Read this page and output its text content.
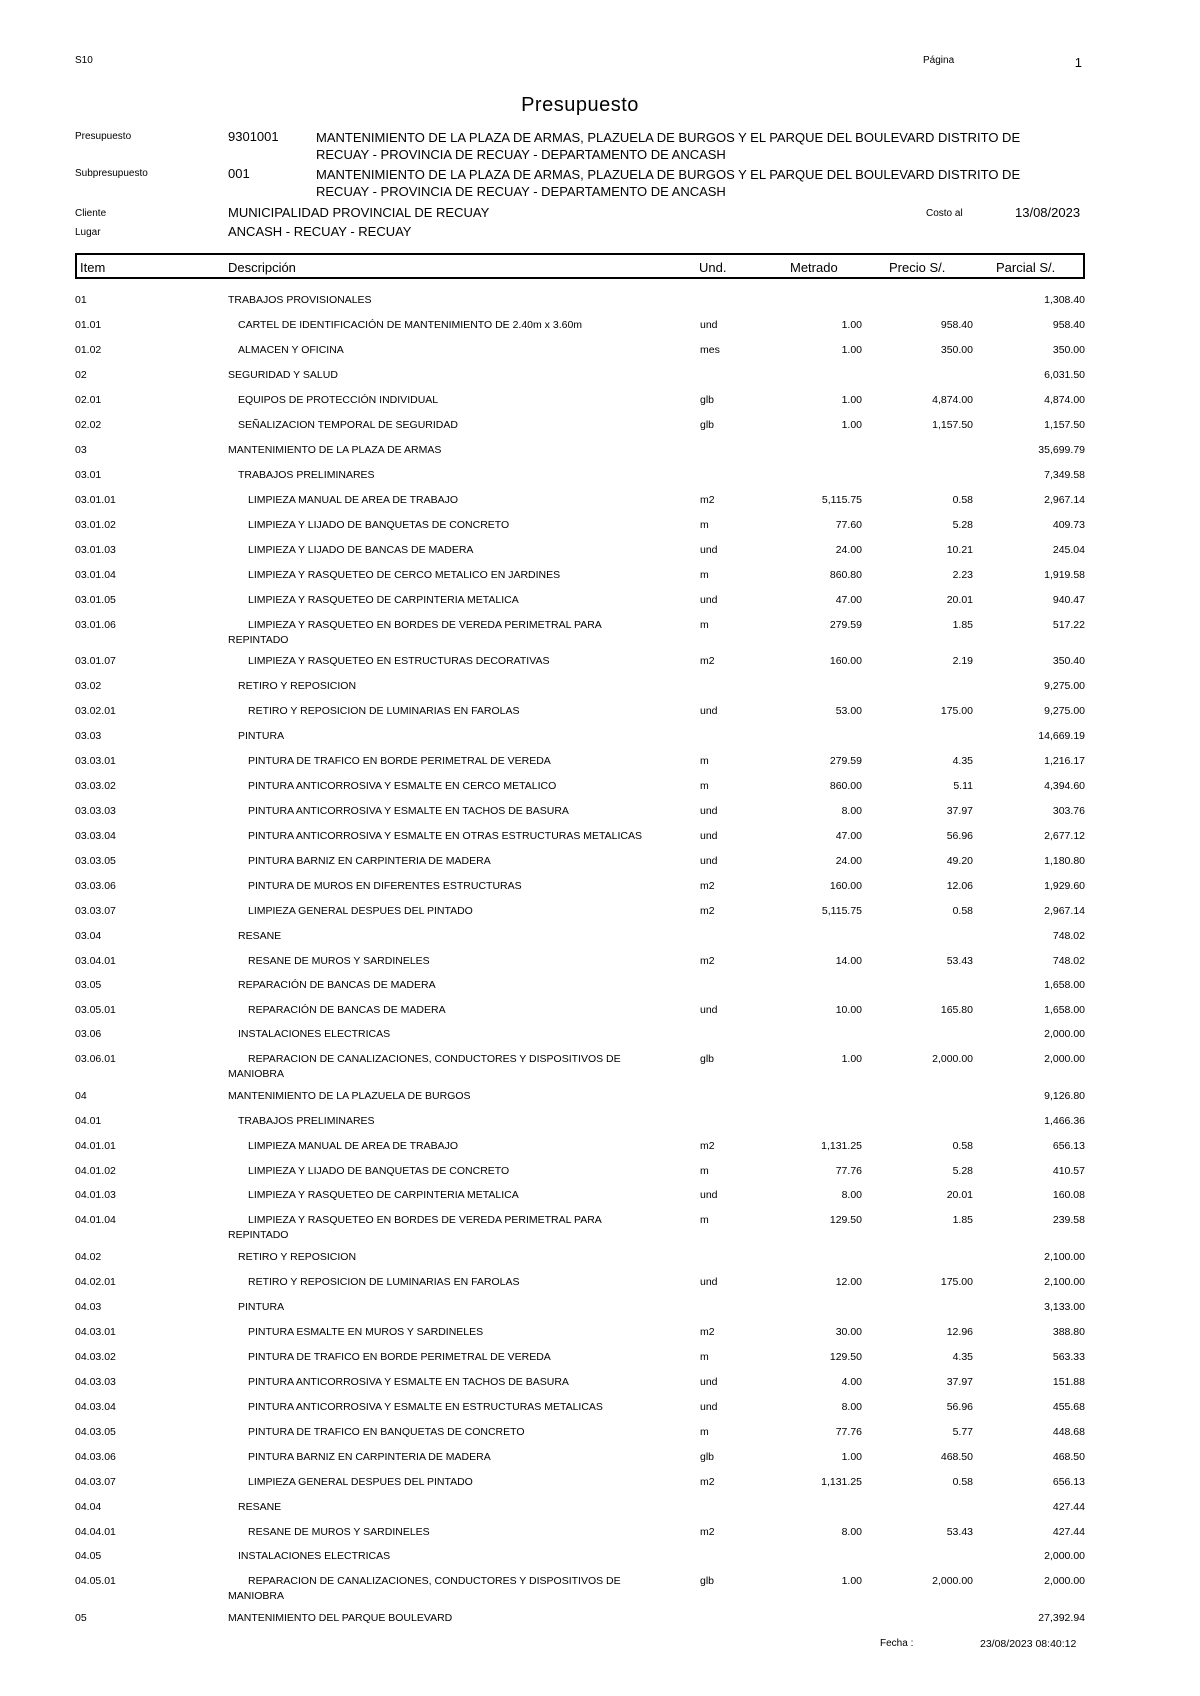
S10	Página	1
Presupuesto
Presupuesto	9301001	MANTENIMIENTO DE LA PLAZA DE ARMAS, PLAZUELA DE BURGOS Y EL PARQUE DEL BOULEVARD DISTRITO DE RECUAY - PROVINCIA DE RECUAY - DEPARTAMENTO DE ANCASH
Subpresupuesto	001	MANTENIMIENTO DE LA PLAZA DE ARMAS, PLAZUELA DE BURGOS Y EL PARQUE DEL BOULEVARD DISTRITO DE RECUAY - PROVINCIA DE RECUAY - DEPARTAMENTO DE ANCASH
Cliente	MUNICIPALIDAD PROVINCIAL DE RECUAY	Costo al	13/08/2023
Lugar	ANCASH - RECUAY - RECUAY
Item	Descripción	Und.	Metrado	Precio S/.	Parcial S/.
01	TRABAJOS PROVISIONALES	1,308.40
01.01	CARTEL DE IDENTIFICACIÓN DE MANTENIMIENTO DE 2.40m x 3.60m	und	1.00	958.40	958.40
01.02	ALMACEN Y OFICINA	mes	1.00	350.00	350.00
02	SEGURIDAD Y SALUD	6,031.50
02.01	EQUIPOS DE PROTECCIÓN INDIVIDUAL	glb	1.00	4,874.00	4,874.00
02.02	SEÑALIZACION TEMPORAL DE SEGURIDAD	glb	1.00	1,157.50	1,157.50
03	MANTENIMIENTO DE LA PLAZA DE ARMAS	35,699.79
03.01	TRABAJOS PRELIMINARES	7,349.58
03.01.01	LIMPIEZA MANUAL DE AREA DE TRABAJO	m2	5,115.75	0.58	2,967.14
03.01.02	LIMPIEZA Y LIJADO DE BANQUETAS DE CONCRETO	m	77.60	5.28	409.73
03.01.03	LIMPIEZA Y LIJADO DE BANCAS DE MADERA	und	24.00	10.21	245.04
03.01.04	LIMPIEZA Y RASQUETEO DE CERCO METALICO EN JARDINES	m	860.80	2.23	1,919.58
03.01.05	LIMPIEZA Y RASQUETEO DE CARPINTERIA METALICA	und	47.00	20.01	940.47
03.01.06	LIMPIEZA Y RASQUETEO EN BORDES DE VEREDA PERIMETRAL PARA	m	279.59	1.85	517.22
REPINTADO
03.01.07	LIMPIEZA Y RASQUETEO EN ESTRUCTURAS DECORATIVAS	m2	160.00	2.19	350.40
03.02	RETIRO Y REPOSICION	9,275.00
03.02.01	RETIRO Y REPOSICION DE LUMINARIAS EN FAROLAS	und	53.00	175.00	9,275.00
03.03	PINTURA	14,669.19
03.03.01	PINTURA DE TRAFICO EN BORDE PERIMETRAL DE VEREDA	m	279.59	4.35	1,216.17
03.03.02	PINTURA ANTICORROSIVA Y ESMALTE EN CERCO METALICO	m	860.00	5.11	4,394.60
03.03.03	PINTURA ANTICORROSIVA Y ESMALTE EN TACHOS DE BASURA	und	8.00	37.97	303.76
03.03.04	PINTURA ANTICORROSIVA Y ESMALTE EN OTRAS ESTRUCTURAS METALICAS	und	47.00	56.96	2,677.12
03.03.05	PINTURA BARNIZ EN CARPINTERIA DE MADERA	und	24.00	49.20	1,180.80
03.03.06	PINTURA DE MUROS EN DIFERENTES ESTRUCTURAS	m2	160.00	12.06	1,929.60
03.03.07	LIMPIEZA GENERAL DESPUES DEL PINTADO	m2	5,115.75	0.58	2,967.14
03.04	RESANE	748.02
03.04.01	RESANE DE MUROS Y SARDINELES	m2	14.00	53.43	748.02
03.05	REPARACIÓN DE BANCAS DE MADERA	1,658.00
03.05.01	REPARACIÓN DE BANCAS DE MADERA	und	10.00	165.80	1,658.00
03.06	INSTALACIONES ELECTRICAS	2,000.00
03.06.01	REPARACION DE CANALIZACIONES, CONDUCTORES Y DISPOSITIVOS DE	glb	1.00	2,000.00	2,000.00
MANIOBRA
04	MANTENIMIENTO DE LA PLAZUELA DE BURGOS	9,126.80
04.01	TRABAJOS PRELIMINARES	1,466.36
04.01.01	LIMPIEZA MANUAL DE AREA DE TRABAJO	m2	1,131.25	0.58	656.13
04.01.02	LIMPIEZA Y LIJADO DE BANQUETAS DE CONCRETO	m	77.76	5.28	410.57
04.01.03	LIMPIEZA Y RASQUETEO DE CARPINTERIA METALICA	und	8.00	20.01	160.08
04.01.04	LIMPIEZA Y RASQUETEO EN BORDES DE VEREDA PERIMETRAL PARA	m	129.50	1.85	239.58
REPINTADO
04.02	RETIRO Y REPOSICION	2,100.00
04.02.01	RETIRO Y REPOSICION DE LUMINARIAS EN FAROLAS	und	12.00	175.00	2,100.00
04.03	PINTURA	3,133.00
04.03.01	PINTURA ESMALTE EN MUROS Y SARDINELES	m2	30.00	12.96	388.80
04.03.02	PINTURA DE TRAFICO EN BORDE PERIMETRAL DE VEREDA	m	129.50	4.35	563.33
04.03.03	PINTURA ANTICORROSIVA Y ESMALTE EN TACHOS DE BASURA	und	4.00	37.97	151.88
04.03.04	PINTURA ANTICORROSIVA Y ESMALTE EN ESTRUCTURAS METALICAS	und	8.00	56.96	455.68
04.03.05	PINTURA DE TRAFICO EN BANQUETAS DE CONCRETO	m	77.76	5.77	448.68
04.03.06	PINTURA BARNIZ EN CARPINTERIA DE MADERA	glb	1.00	468.50	468.50
04.03.07	LIMPIEZA GENERAL DESPUES DEL PINTADO	m2	1,131.25	0.58	656.13
04.04	RESANE	427.44
04.04.01	RESANE DE MUROS Y SARDINELES	m2	8.00	53.43	427.44
04.05	INSTALACIONES ELECTRICAS	2,000.00
04.05.01	REPARACION DE CANALIZACIONES, CONDUCTORES Y DISPOSITIVOS DE	glb	1.00	2,000.00	2,000.00
MANIOBRA
05	MANTENIMIENTO DEL PARQUE BOULEVARD	27,392.94
Fecha :	23/08/2023 08:40:12
